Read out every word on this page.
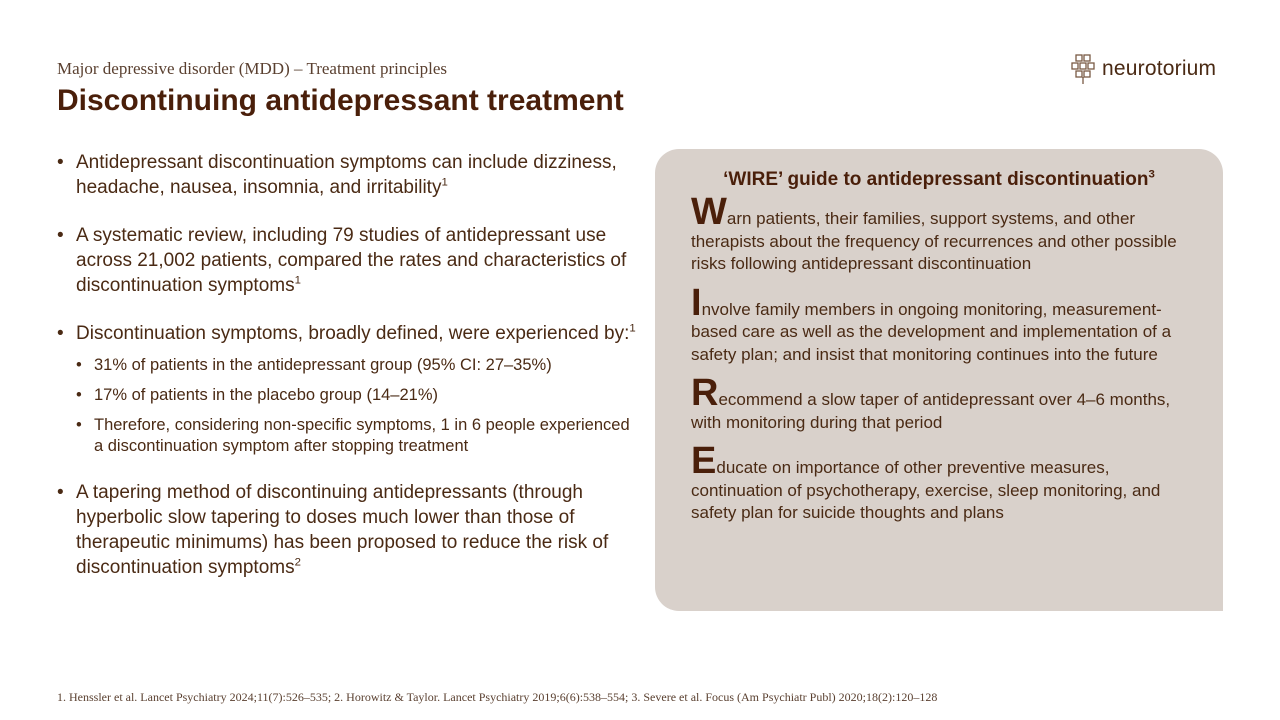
Major depressive disorder (MDD) – Treatment principles
Discontinuing antidepressant treatment
neurotorium
• Antidepressant discontinuation symptoms can include dizziness, headache, nausea, insomnia, and irritability$^1$
• A systematic review, including 79 studies of antidepressant use across 21,002 patients, compared the rates and characteristics of discontinuation symptoms$^1$
• Discontinuation symptoms, broadly defined, were experienced by:$^1$
• 31% of patients in the antidepressant group (95% CI: 27–35%)
• 17% of patients in the placebo group (14–21%)
• Therefore, considering non-specific symptoms, 1 in 6 people experienced a discontinuation symptom after stopping treatment
• A tapering method of discontinuing antidepressants (through hyperbolic slow tapering to doses much lower than those of therapeutic minimums) has been proposed to reduce the risk of discontinuation symptoms$^2$
‘WIRE’ guide to antidepressant discontinuation$^3$
Warn patients, their families, support systems, and other therapists about the frequency of recurrences and other possible risks following antidepressant discontinuation
Involve family members in ongoing monitoring, measurement-based care as well as the development and implementation of a safety plan; and insist that monitoring continues into the future
Recommend a slow taper of antidepressant over 4–6 months, with monitoring during that period
Educate on importance of other preventive measures, continuation of psychotherapy, exercise, sleep monitoring, and safety plan for suicide thoughts and plans
1. Henssler et al. Lancet Psychiatry 2024;11(7):526–535; 2. Horowitz & Taylor. Lancet Psychiatry 2019;6(6):538–554; 3. Severe et al. Focus (Am Psychiatr Publ) 2020;18(2):120–128
